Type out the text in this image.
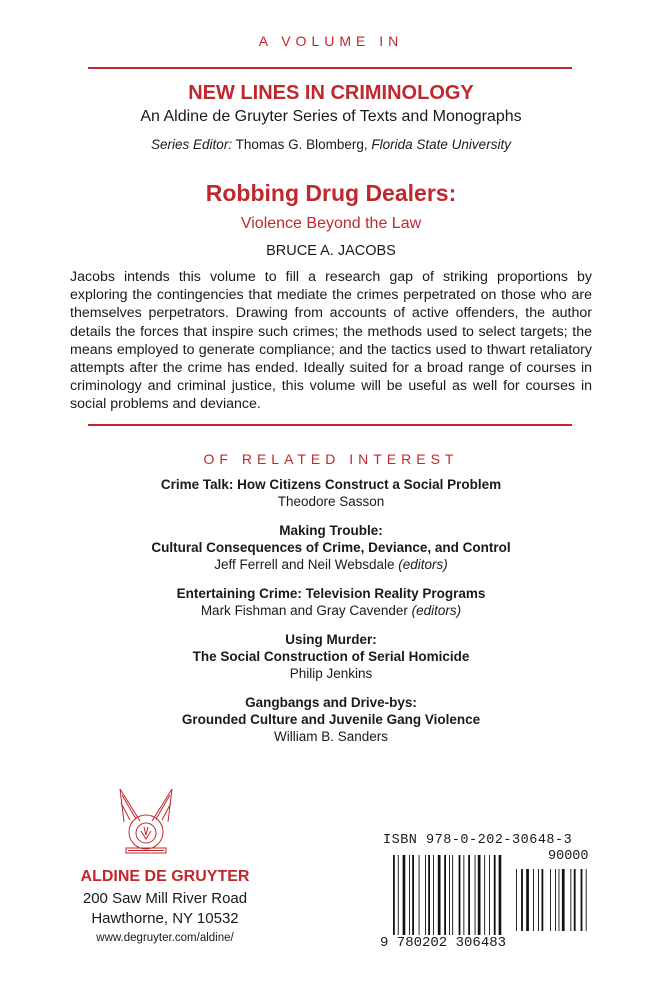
A VOLUME IN
NEW LINES IN CRIMINOLOGY
An Aldine de Gruyter Series of Texts and Monographs
Series Editor: Thomas G. Blomberg, Florida State University
Robbing Drug Dealers:
Violence Beyond the Law
BRUCE A. JACOBS
Jacobs intends this volume to fill a research gap of striking proportions by exploring the contingencies that mediate the crimes perpetrated on those who are themselves perpetrators. Drawing from accounts of active offenders, the author details the forces that inspire such crimes; the methods used to select targets; the means employed to generate compliance; and the tactics used to thwart retaliatory attempts after the crime has ended. Ideally suited for a broad range of courses in criminology and criminal justice, this volume will be useful as well for courses in social problems and deviance.
OF RELATED INTEREST
Crime Talk: How Citizens Construct a Social Problem
Theodore Sasson
Making Trouble:
Cultural Consequences of Crime, Deviance, and Control
Jeff Ferrell and Neil Websdale (editors)
Entertaining Crime: Television Reality Programs
Mark Fishman and Gray Cavender (editors)
Using Murder:
The Social Construction of Serial Homicide
Philip Jenkins
Gangbangs and Drive-bys:
Grounded Culture and Juvenile Gang Violence
William B. Sanders
ALDINE DE GRUYTER
200 Saw Mill River Road
Hawthorne, NY 10532
www.degruyter.com/aldine/
ISBN 978-0-202-30648-3
90000
9 780202 306483
